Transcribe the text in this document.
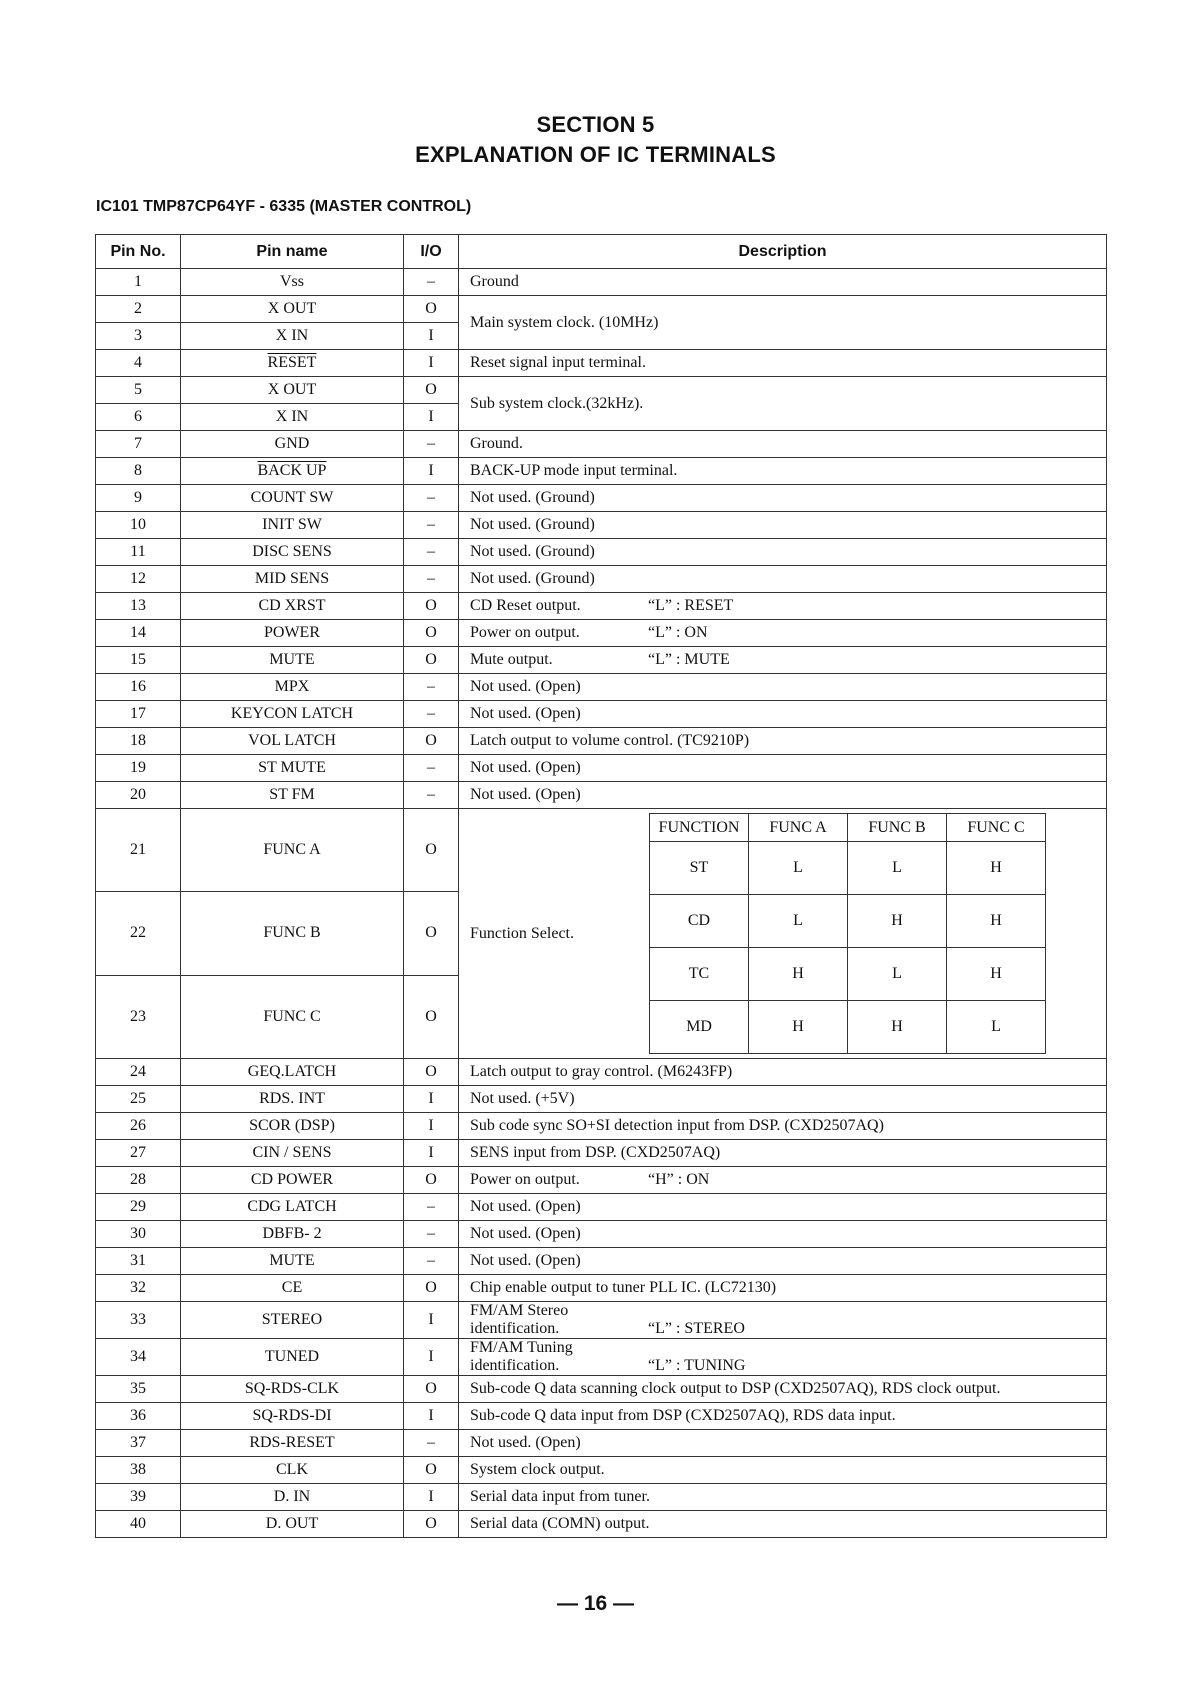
SECTION 5
EXPLANATION OF IC TERMINALS
IC101 TMP87CP64YF - 6335 (MASTER CONTROL)
Pin No.	Pin name	I/O	Description
1	Vss	–	Ground
2	X OUT	O	Main system clock. (10MHz)
3	X IN	I
4	RESET	I	Reset signal input terminal.
5	X OUT	O	Sub system clock.(32kHz).
6	X IN	I
7	GND	–	Ground.
8	BACK UP	I	BACK-UP mode input terminal.
9	COUNT SW	–	Not used. (Ground)
10	INIT SW	–	Not used. (Ground)
11	DISC SENS	–	Not used. (Ground)
12	MID SENS	–	Not used. (Ground)
13	CD XRST	O	CD Reset output.	“L” : RESET
14	POWER	O	Power on output.	“L” : ON
15	MUTE	O	Mute output.	“L” : MUTE
16	MPX	–	Not used. (Open)
17	KEYCON LATCH	–	Not used. (Open)
18	VOL LATCH	O	Latch output to volume control. (TC9210P)
19	ST MUTE	–	Not used. (Open)
20	ST FM	–	Not used. (Open)
21	FUNC A	O	
Function Select.
FUNCTION	FUNC A	FUNC B	FUNC C
ST	L	L	H
CD	L	H	H
TC	H	L	H
MD	H	H	L

22	FUNC B	O
23	FUNC C	O
24	GEQ.LATCH	O	Latch output to gray control. (M6243FP)
25	RDS. INT	I	Not used. (+5V)
26	SCOR (DSP)	I	Sub code sync SO+SI detection input from DSP. (CXD2507AQ)
27	CIN / SENS	I	SENS input from DSP. (CXD2507AQ)
28	CD POWER	O	Power on output.	“H” : ON
29	CDG LATCH	–	Not used. (Open)
30	DBFB- 2	–	Not used. (Open)
31	MUTE	–	Not used. (Open)
32	CE	O	Chip enable output to tuner PLL IC. (LC72130)
33	STEREO	I	FM/AM Stereo identification.	“L” : STEREO
34	TUNED	I	FM/AM Tuning identification.	“L” : TUNING
35	SQ-RDS-CLK	O	Sub-code Q data scanning clock output to DSP (CXD2507AQ), RDS clock output.
36	SQ-RDS-DI	I	Sub-code Q data input from DSP (CXD2507AQ), RDS data input.
37	RDS-RESET	–	Not used. (Open)
38	CLK	O	System clock output.
39	D. IN	I	Serial data input from tuner.
40	D. OUT	O	Serial data (COMN) output.
— 16 —
